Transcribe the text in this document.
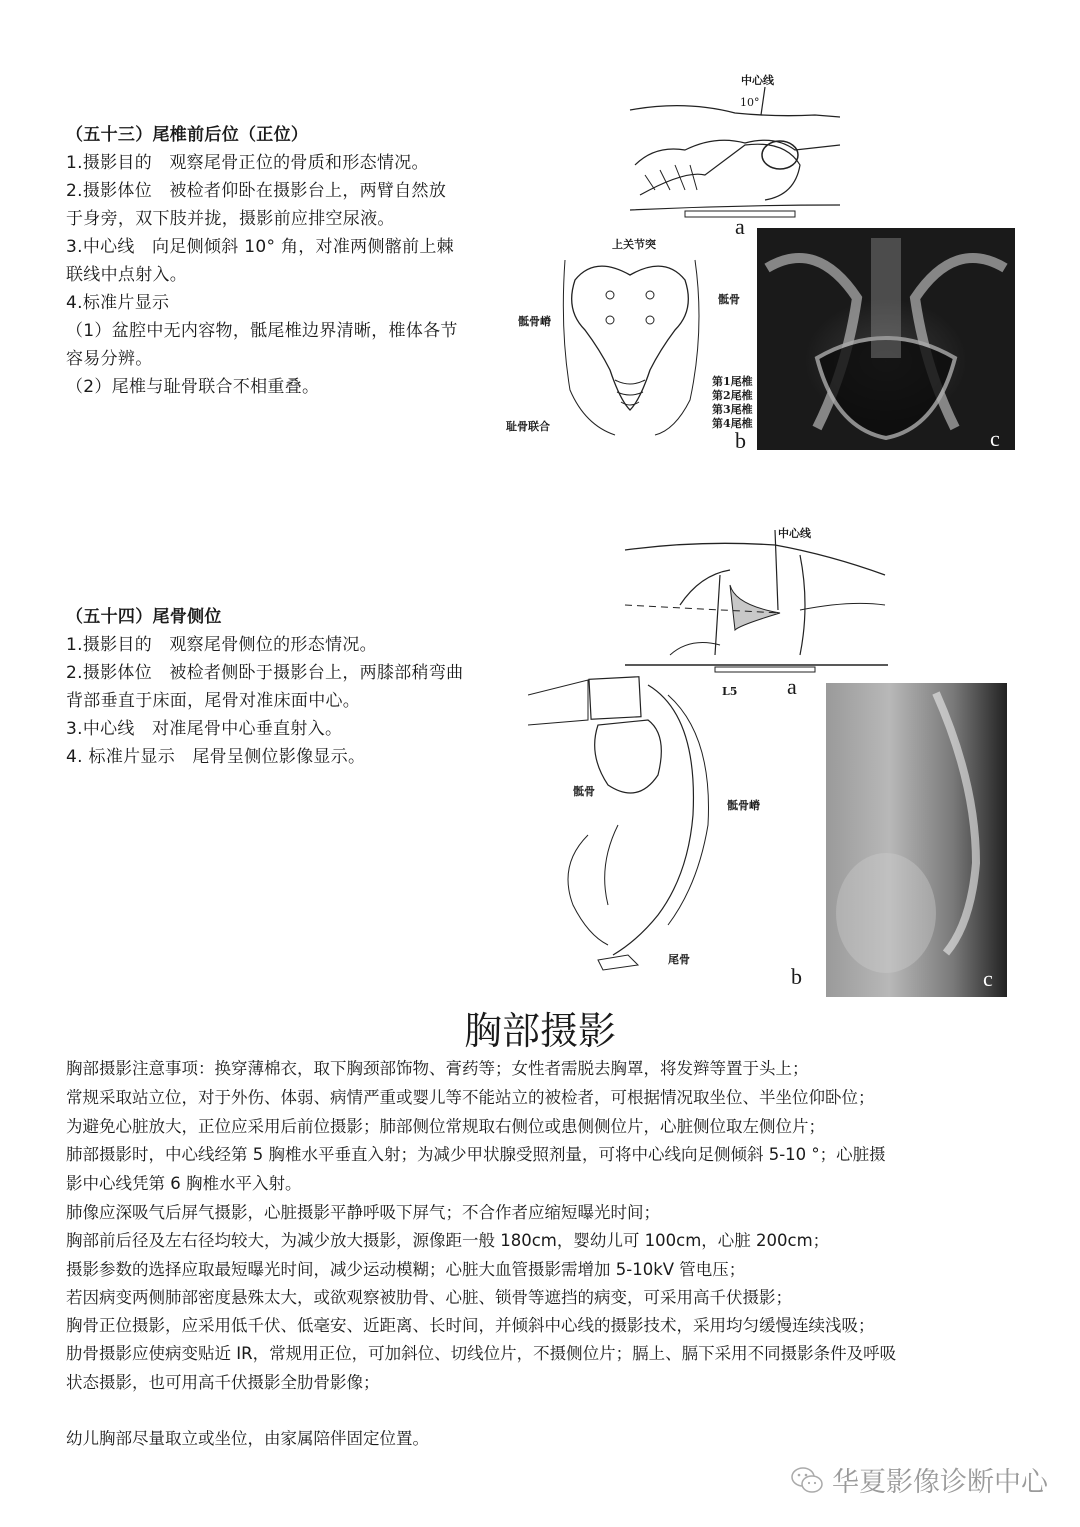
（五十三）尾椎前后位（正位）
1.摄影目的　观察尾骨正位的骨质和形态情况。
2.摄影体位　被检者仰卧在摄影台上，两臂自然放
于身旁，双下肢并拢，摄影前应排空尿液。
3.中心线　向足侧倾斜 10° 角，对准两侧髂前上棘
联线中点射入。
4.标准片显示
（1）盆腔中无内容物，骶尾椎边界清晰，椎体各节
容易分辨。
（2）尾椎与耻骨联合不相重叠。
中心线
10°
a
上关节突
骶骨
骶骨嵴
第1尾椎
第2尾椎
第3尾椎
第4尾椎
耻骨联合
b	c
（五十四）尾骨侧位
1.摄影目的　观察尾骨侧位的形态情况。
2.摄影体位　被检者侧卧于摄影台上，两膝部稍弯曲
背部垂直于床面，尾骨对准床面中心。
3.中心线　对准尾骨中心垂直射入。
4. 标准片显示　尾骨呈侧位影像显示。
中心线
a
L5
骶骨
骶骨嵴
尾骨
b	c
胸部摄影
胸部摄影注意事项：换穿薄棉衣，取下胸颈部饰物、膏药等；女性者需脱去胸罩，将发辫等置于头上；
常规采取站立位，对于外伤、体弱、病情严重或婴儿等不能站立的被检者，可根据情况取坐位、半坐位仰卧位；
为避免心脏放大，正位应采用后前位摄影；肺部侧位常规取右侧位或患侧侧位片，心脏侧位取左侧位片；
肺部摄影时，中心线经第 5 胸椎水平垂直入射；为减少甲状腺受照剂量，可将中心线向足侧倾斜 5-10 °；心脏摄
影中心线凭第 6 胸椎水平入射。
肺像应深吸气后屏气摄影，心脏摄影平静呼吸下屏气；不合作者应缩短曝光时间；
胸部前后径及左右径均较大，为减少放大摄影，源像距一般 180cm，婴幼儿可 100cm，心脏 200cm；
摄影参数的选择应取最短曝光时间，减少运动模糊；心脏大血管摄影需增加 5-10kV 管电压；
若因病变两侧肺部密度悬殊太大，或欲观察被肋骨、心脏、锁骨等遮挡的病变，可采用高千伏摄影；
胸骨正位摄影，应采用低千伏、低毫安、近距离、长时间，并倾斜中心线的摄影技术，采用均匀缓慢连续浅吸；
肋骨摄影应使病变贴近 IR，常规用正位，可加斜位、切线位片，不摄侧位片；膈上、膈下采用不同摄影条件及呼吸
状态摄影，也可用高千伏摄影全肋骨影像；
幼儿胸部尽量取立或坐位，由家属陪伴固定位置。
华夏影像诊断中心
